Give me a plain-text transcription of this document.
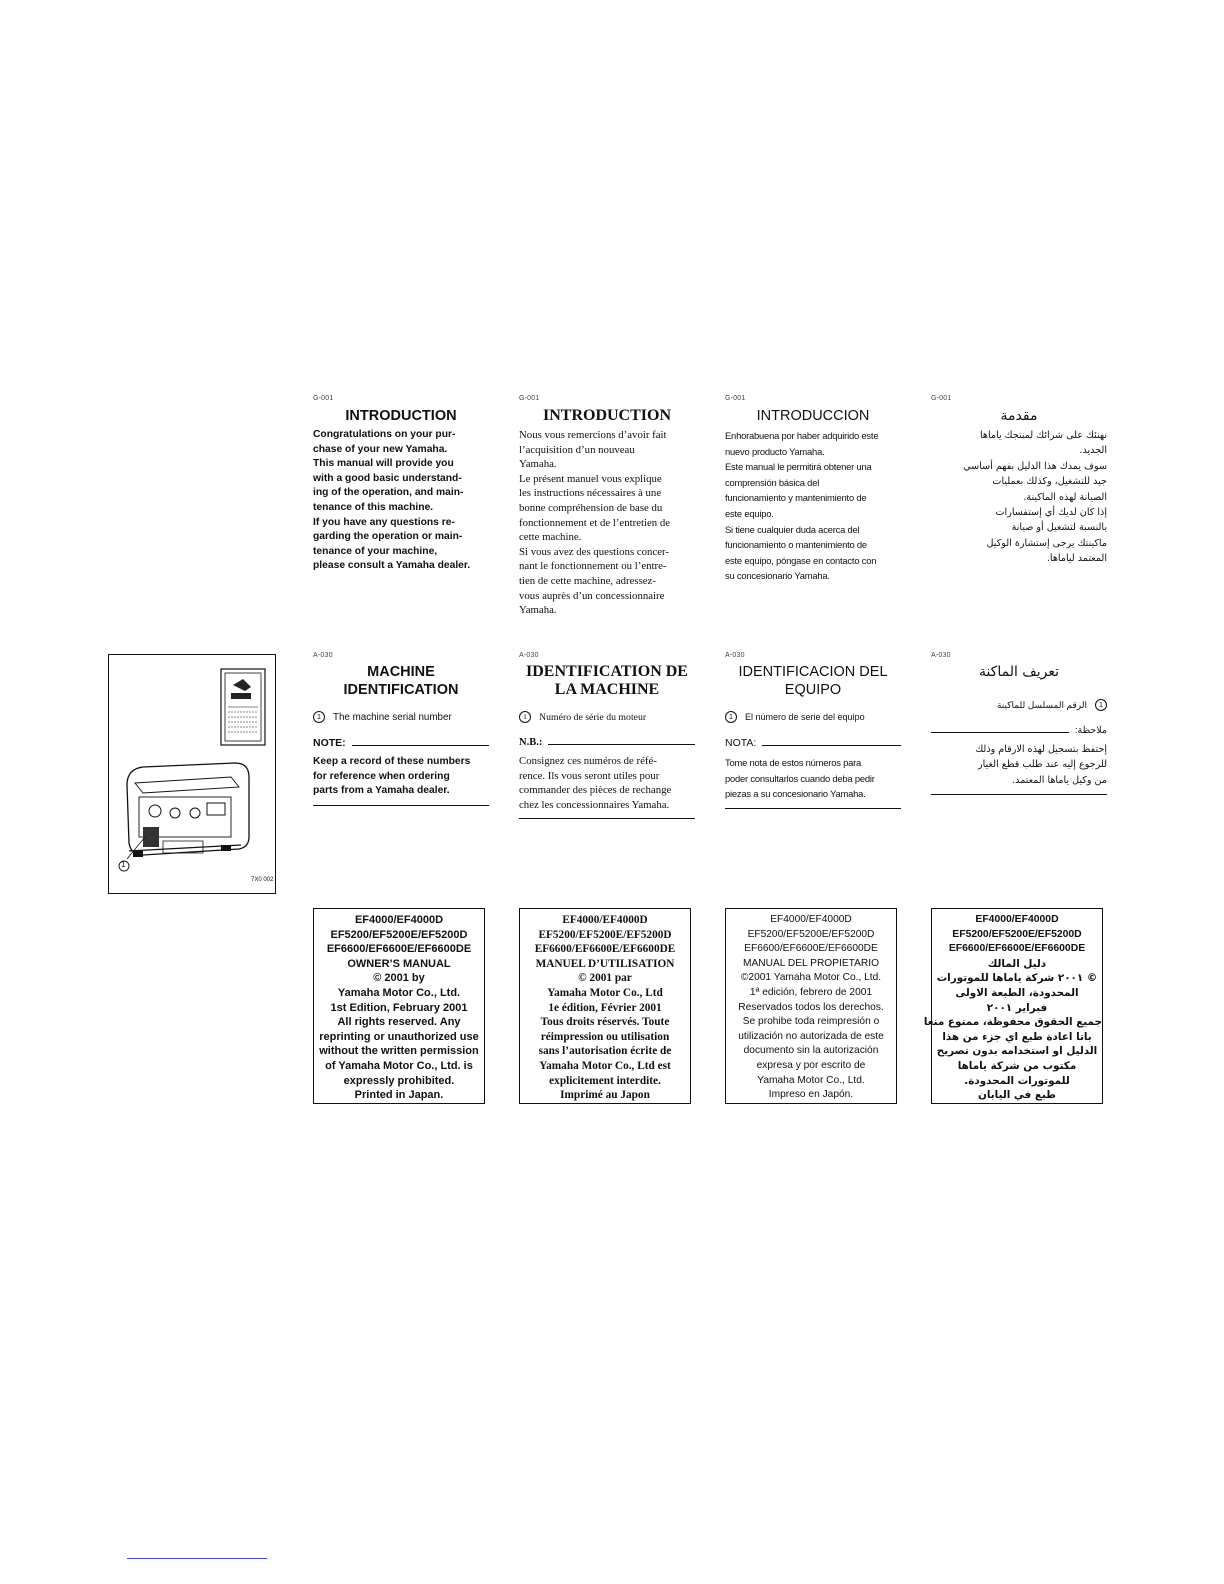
G-001
INTRODUCTION

Congratulations on your pur-

chase of your new Yamaha.

This manual will provide you

with a good basic understand-

ing of the operation, and main-

tenance of this machine.

If you have any questions re-

garding the operation or main-

tenance of your machine,

please consult a Yamaha dealer.

G-001
INTRODUCTION

Nous vous remercions d’avoir fait

l’acquisition d’un nouveau

Yamaha.

Le présent manuel vous explique

les instructions nécessaires à une

bonne compréhension de base du

fonctionnement et de l’entretien de

cette machine.

Si vous avez des questions concer-

nant le fonctionnement ou l’entre-

tien de cette machine, adressez-

vous auprès d’un concessionnaire

Yamaha.

G-001
INTRODUCCION

Enhorabuena por haber adquirido este

nuevo producto Yamaha.

Este manual le permitirá obtener una

comprensión básica del

funcionamiento y mantenimiento de

este equipo.

Si tiene cualquier duda acerca del

funcionamiento o mantenimiento de

este equipo, póngase en contacto con

su concesionario Yamaha.

G-001
مقدمة

نهنئك على شرائك لمنتجك ياماها

الجديد.

سوف يمدك هذا الدليل بفهم أساسي

جيد للتشغيل، وكذلك بعمليات

الصيانة لهذه الماكينة.

إذا كان لديك أي إستفسارات

بالنسبة لتشغيل أو صيانة

ماكينتك يرجى إستشارة الوكيل

المعتمد لياماها.

1
7X0 002
A-030
MACHINE
IDENTIFICATION
1	The machine serial number
NOTE:

Keep a record of these numbers

for reference when ordering

parts from a Yamaha dealer.

A-030
IDENTIFICATION DE
LA MACHINE
1	Numéro de série du moteur
N.B.:

Consignez ces numéros de réfé-

rence. Ils vous seront utiles pour

commander des pièces de rechange

chez les concessionnaires Yamaha.

A-030
IDENTIFICACION DEL
EQUIPO
1	El número de serie del equipo
NOTA:

Tome nota de estos números para

poder consultarlos cuando deba pedir

piezas a su concesionario Yamaha.

A-030
تعريف الماكنة
1
الرقم المسلسل للماكينة
ملاحظة:

إحتفظ بتسجيل لهذه الارقام وذلك

للرجوع إليه عند طلب قطع الغيار

من وكيل ياماها المعتمد.

EF4000/EF4000D
EF5200/EF5200E/EF5200D
EF6600/EF6600E/EF6600DE
OWNER’S MANUAL
© 2001 by
Yamaha Motor Co., Ltd.
1st Edition, February 2001
All rights reserved. Any
reprinting or unauthorized use
without the written permission
of Yamaha Motor Co., Ltd. is
expressly prohibited.
Printed in Japan.
EF4000/EF4000D
EF5200/EF5200E/EF5200D
EF6600/EF6600E/EF6600DE
MANUEL D’UTILISATION
© 2001 par
Yamaha Motor Co., Ltd
1e édition, Février 2001
Tous droits réservés. Toute
réimpression ou utilisation
sans l’autorisation écrite de
Yamaha Motor Co., Ltd est
explicitement interdite.
Imprimé au Japon
EF4000/EF4000D
EF5200/EF5200E/EF5200D
EF6600/EF6600E/EF6600DE
MANUAL DEL PROPIETARIO
©2001 Yamaha Motor Co., Ltd.
1ª edición, febrero de 2001
Reservados todos los derechos.
Se prohibe toda reimpresión o
utilización no autorizada de este
documento sin la autorización
expresa y por escrito de
Yamaha Motor Co., Ltd.
Impreso en Japón.
EF4000/EF4000D
EF5200/EF5200E/EF5200D
EF6600/EF6600E/EF6600DE
دليل المالك
© ٢٠٠١ شركة ياماها للموتورات
المحدودة، الطبعة الاولى
فبراير ٢٠٠١
جميع الحقوق محفوظة، ممنوع منعا
باتا اعادة طبع اي جزء من هذا
الدليل او استخدامه بدون تصريح
مكتوب من شركة ياماها
للموتورات المحدودة.
طبع في اليابان
